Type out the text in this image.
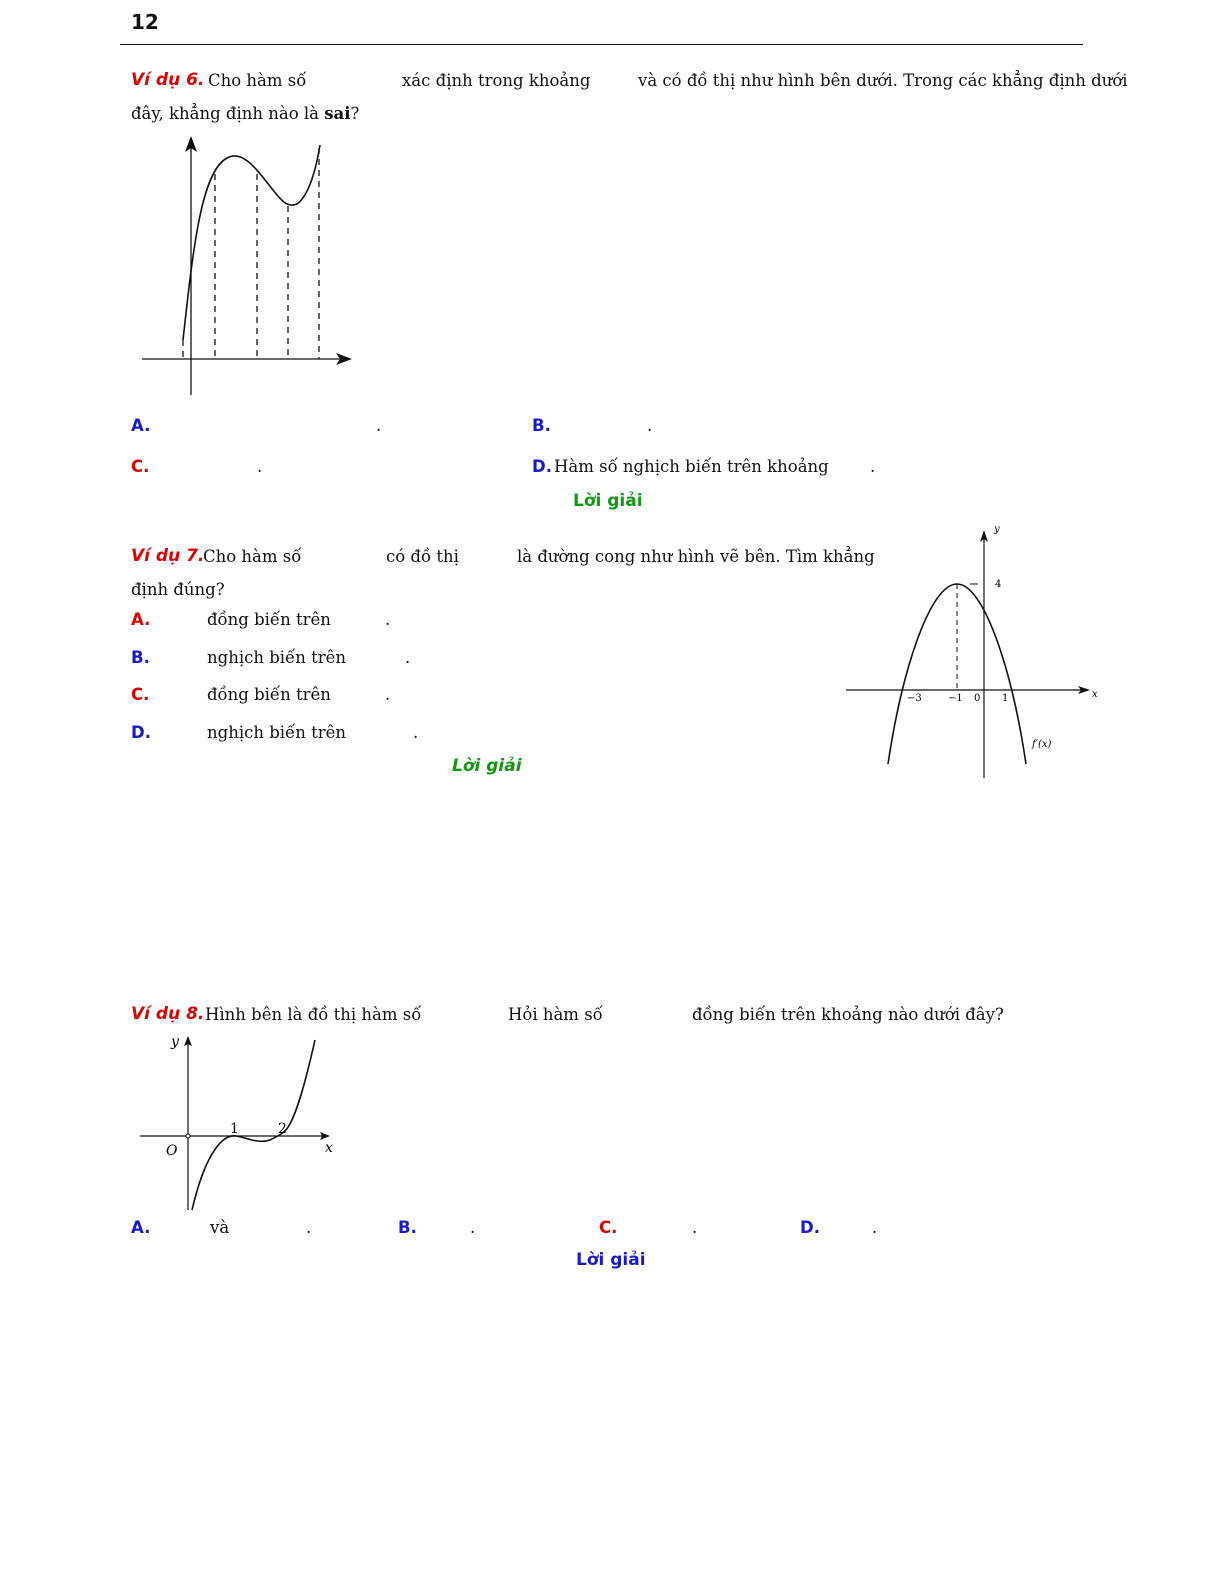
12
Ví dụ 6. Cho hàm số	xác định trong khoảng	và có đồ thị như hình bên dưới. Trong các khẳng định dưới
đây, khẳng định nào là sai?
A.	.	B.	.
C.	.	D. Hàm số nghịch biến trên khoảng	.
Lời giải
Ví dụ 7.
Cho hàm số	có đồ thị	là đường cong như hình vẽ bên. Tìm khẳng
định đúng?
A.	đồng biến trên	.
B.	nghịch biến trên	.
C.	đồng biến trên	.
D.	nghịch biến trên	.
Lời giải
y
x
4
−3	−1 0 1
f′(x)
Ví dụ 8. Hình bên là đồ thị hàm số	Hỏi hàm số	đồng biến trên khoảng nào dưới đây?
y
x
O
1	2
A.	và	.	B.	.	C.	.	D.	.
Lời giải
